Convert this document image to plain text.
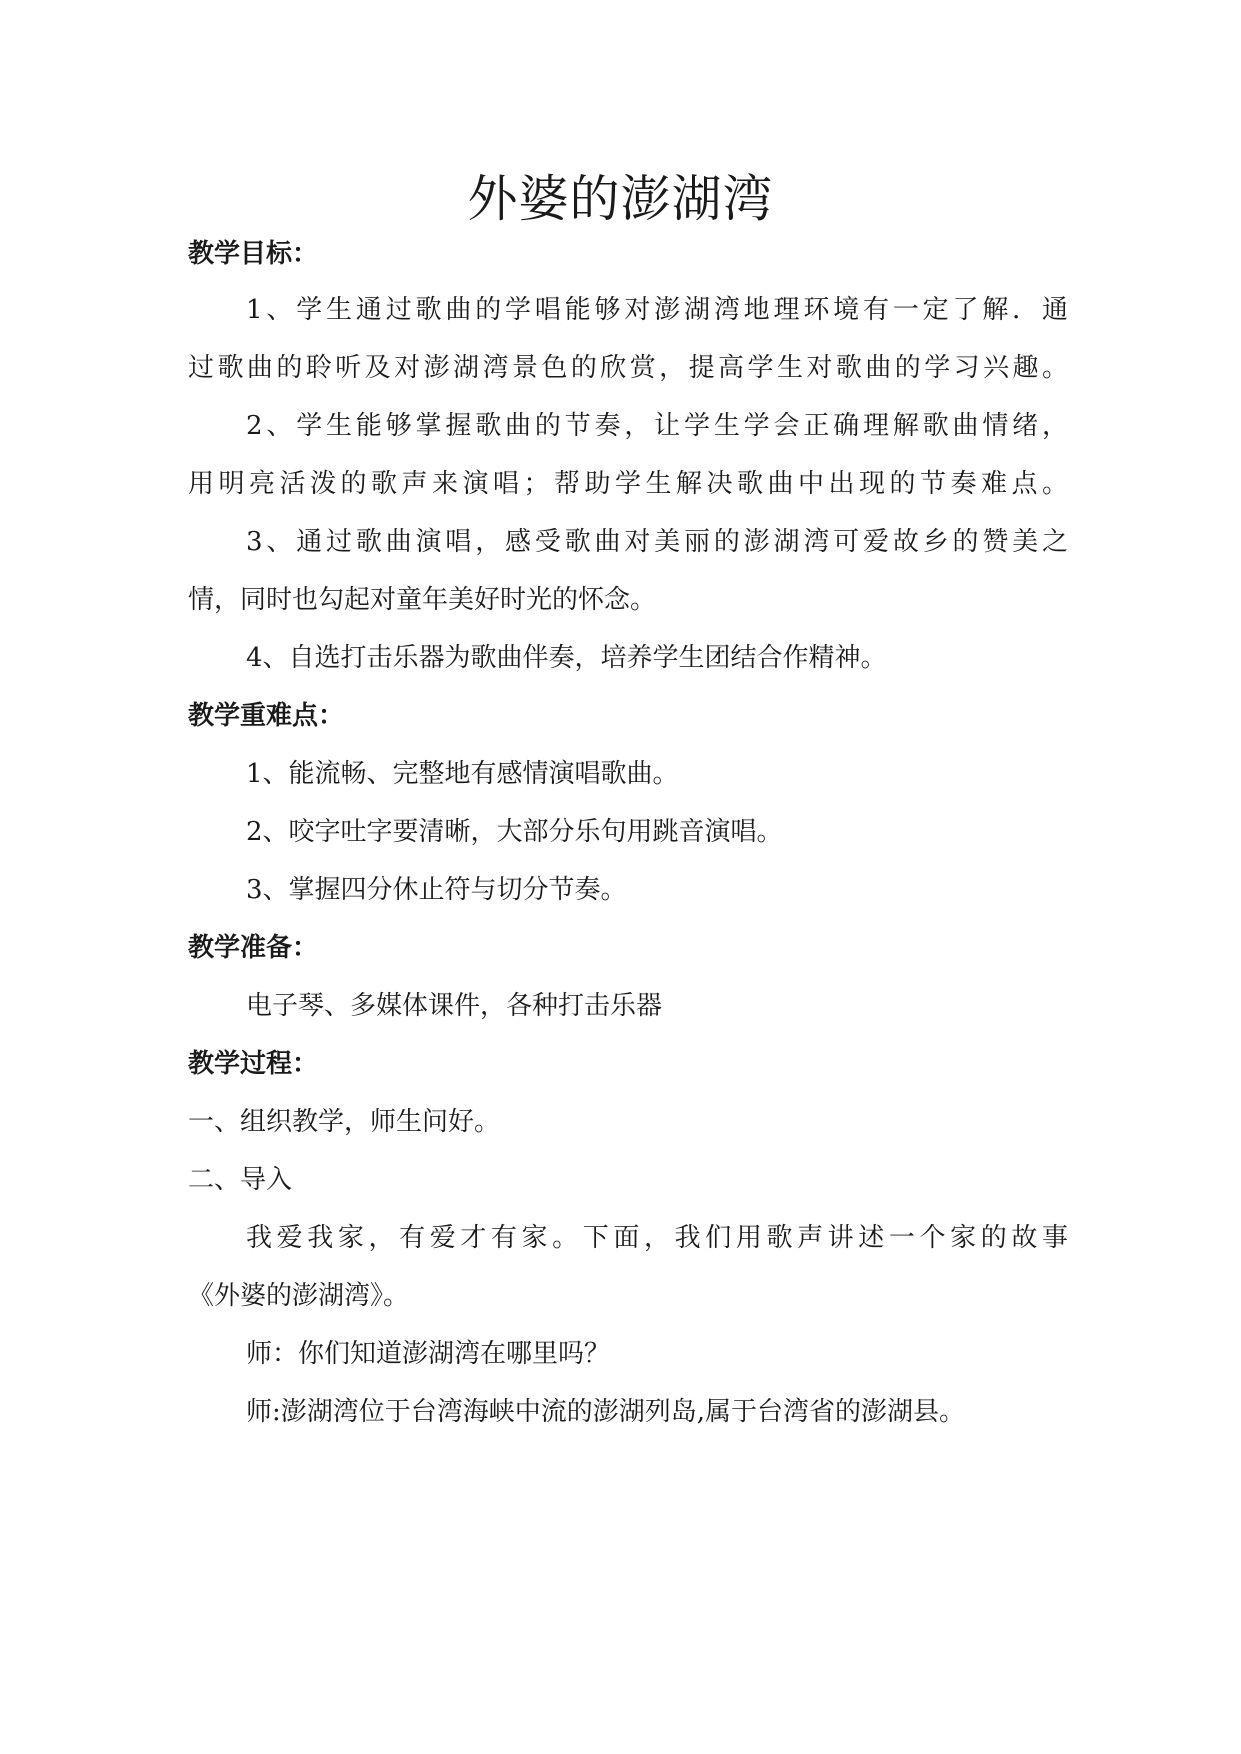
外婆的澎湖湾
教学目标：
1、学生通过歌曲的学唱能够对澎湖湾地理环境有一定了解．通
过歌曲的聆听及对澎湖湾景色的欣赏，提高学生对歌曲的学习兴趣。
2、学生能够掌握歌曲的节奏，让学生学会正确理解歌曲情绪，
用明亮活泼的歌声来演唱；帮助学生解决歌曲中出现的节奏难点。
3、通过歌曲演唱，感受歌曲对美丽的澎湖湾可爱故乡的赞美之
情，同时也勾起对童年美好时光的怀念。
4、自选打击乐器为歌曲伴奏，培养学生团结合作精神。
教学重难点：
1、能流畅、完整地有感情演唱歌曲。
2、咬字吐字要清晰，大部分乐句用跳音演唱。
3、掌握四分休止符与切分节奏。
教学准备：
电子琴、多媒体课件，各种打击乐器
教学过程：
一、组织教学，师生问好。
二、导入
我爱我家，有爱才有家。下面，我们用歌声讲述一个家的故事
《外婆的澎湖湾》。
师：你们知道澎湖湾在哪里吗？
师:澎湖湾位于台湾海峡中流的澎湖列岛,属于台湾省的澎湖县。
